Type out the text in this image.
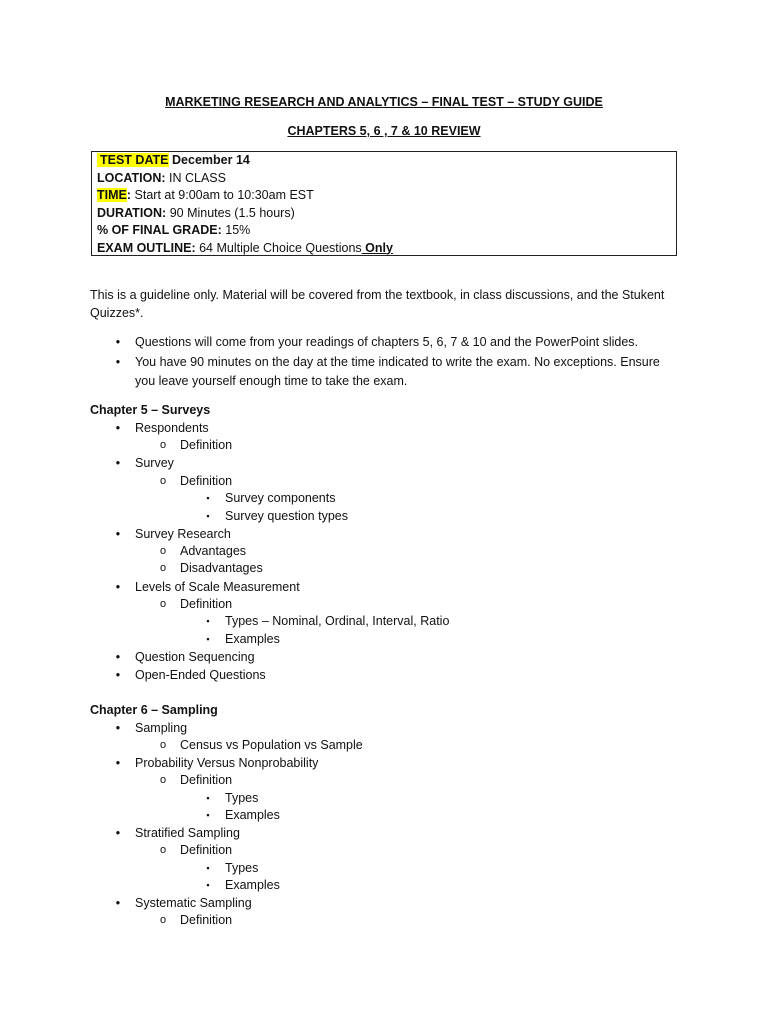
MARKETING RESEARCH AND ANALYTICS – FINAL TEST – STUDY GUIDE
CHAPTERS 5, 6 , 7 & 10 REVIEW
TEST DATE December 14
LOCATION: IN CLASS
TIME: Start at 9:00am to 10:30am EST
DURATION: 90 Minutes (1.5 hours)
% OF FINAL GRADE: 15%
EXAM OUTLINE: 64 Multiple Choice Questions Only
This is a guideline only. Material will be covered from the textbook, in class discussions, and the Stukent
Quizzes*.
•	Questions will come from your readings of chapters 5, 6, 7 & 10 and the PowerPoint slides.
•	You have 90 minutes on the day at the time indicated to write the exam. No exceptions. Ensure
you leave yourself enough time to take the exam.
Chapter 5 – Surveys
•	Respondents
o Definition
•	Survey
o Definition
▪	Survey components
▪	Survey question types
•	Survey Research
o Advantages
o Disadvantages
•	Levels of Scale Measurement
o Definition
▪	Types – Nominal, Ordinal, Interval, Ratio
▪	Examples
•	Question Sequencing
•	Open-Ended Questions
Chapter 6 – Sampling
•	Sampling
o Census vs Population vs Sample
•	Probability Versus Nonprobability
o Definition
▪	Types
▪	Examples
•	Stratified Sampling
o Definition
▪	Types
▪	Examples
•	Systematic Sampling
o Definition
